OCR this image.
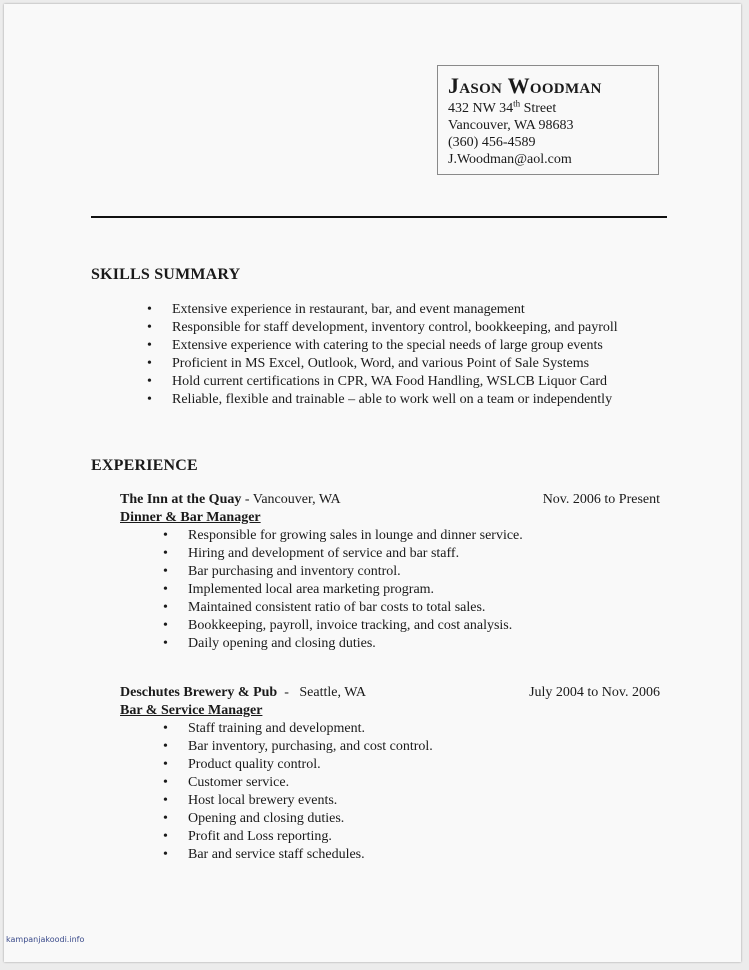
Jason Woodman
432 NW 34th Street
Vancouver, WA 98683
(360) 456-4589
J.Woodman@aol.com
SKILLS SUMMARY
• Extensive experience in restaurant, bar, and event management
• Responsible for staff development, inventory control, bookkeeping, and payroll
• Extensive experience with catering to the special needs of large group events
• Proficient in MS Excel, Outlook, Word, and various Point of Sale Systems
• Hold current certifications in CPR, WA Food Handling, WSLCB Liquor Card
• Reliable, flexible and trainable – able to work well on a team or independently
EXPERIENCE
The Inn at the Quay - Vancouver, WA	Nov. 2006 to Present
Dinner & Bar Manager
• Responsible for growing sales in lounge and dinner service.
• Hiring and development of service and bar staff.
• Bar purchasing and inventory control.
• Implemented local area marketing program.
• Maintained consistent ratio of bar costs to total sales.
• Bookkeeping, payroll, invoice tracking, and cost analysis.
• Daily opening and closing duties.
Deschutes Brewery & Pub  -   Seattle, WA	July 2004 to Nov. 2006
Bar & Service Manager
• Staff training and development.
• Bar inventory, purchasing, and cost control.
• Product quality control.
• Customer service.
• Host local brewery events.
• Opening and closing duties.
• Profit and Loss reporting.
• Bar and service staff schedules.
kampanjakoodi.info
